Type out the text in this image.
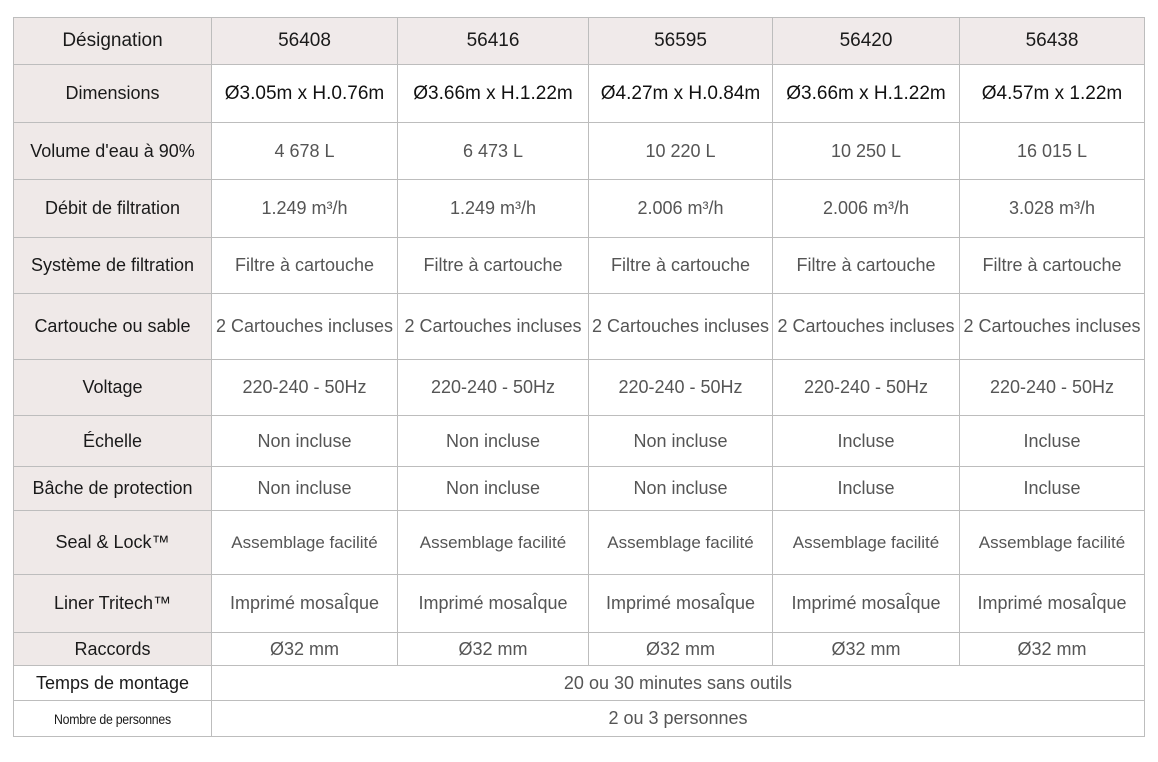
Désignation	56408	56416	56595	56420	56438
Dimensions	Ø3.05m x H.0.76m	Ø3.66m x H.1.22m	Ø4.27m x H.0.84m	Ø3.66m x H.1.22m	Ø4.57m x 1.22m
Volume d'eau à 90%	4 678 L	6 473 L	10 220 L	10 250 L	16 015 L
Débit de filtration	1.249 m³/h	1.249 m³/h	2.006 m³/h	2.006 m³/h	3.028 m³/h
Système de filtration	Filtre à cartouche	Filtre à cartouche	Filtre à cartouche	Filtre à cartouche	Filtre à cartouche
Cartouche ou sable	2 Cartouches incluses	2 Cartouches incluses	2 Cartouches incluses	2 Cartouches incluses	2 Cartouches incluses
Voltage	220-240 - 50Hz	220-240 - 50Hz	220-240 - 50Hz	220-240 - 50Hz	220-240 - 50Hz
Échelle	Non incluse	Non incluse	Non incluse	Incluse	Incluse
Bâche de protection	Non incluse	Non incluse	Non incluse	Incluse	Incluse
Seal & Lock™	Assemblage facilité	Assemblage facilité	Assemblage facilité	Assemblage facilité	Assemblage facilité
Liner Tritech™	Imprimé mosaÎque	Imprimé mosaÎque	Imprimé mosaÎque	Imprimé mosaÎque	Imprimé mosaÎque
Raccords	Ø32 mm	Ø32 mm	Ø32 mm	Ø32 mm	Ø32 mm
Temps de montage	20 ou 30 minutes sans outils				
Nombre de personnes	2 ou 3 personnes				
